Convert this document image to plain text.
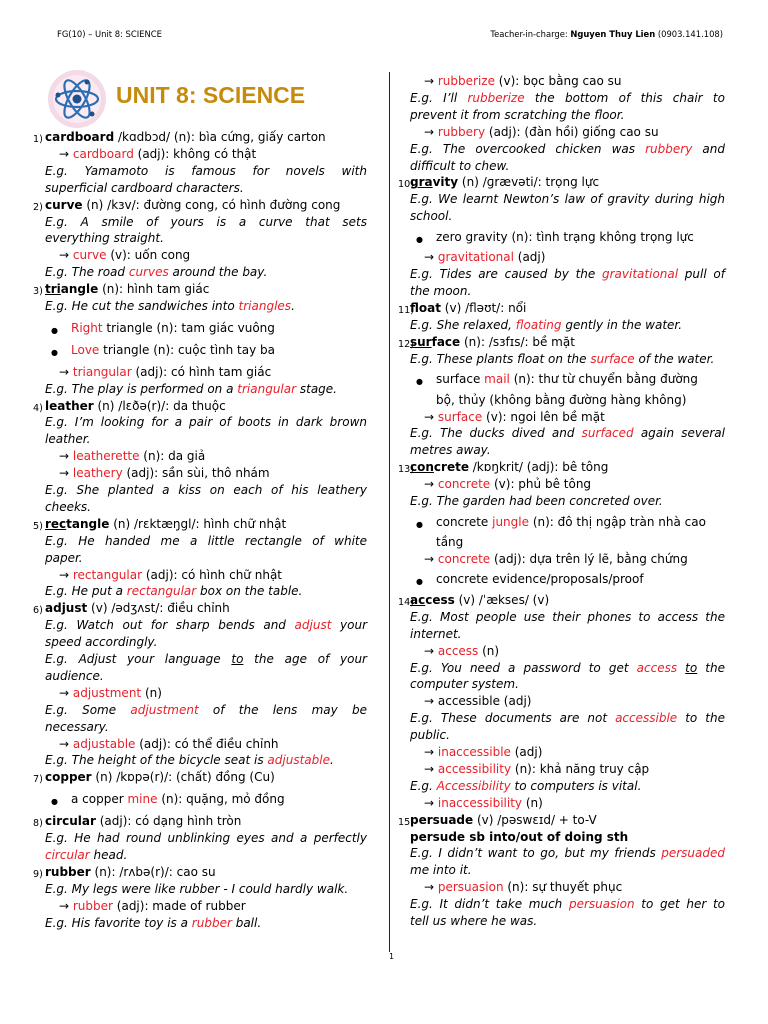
FG(10) – Unit 8: SCIENCE	Teacher-in-charge: Nguyen Thuy Lien (0903.141.108)
UNIT 8: SCIENCE
1) cardboard /kɑdbɔd/ (n): bìa cứng, giấy carton
→ cardboard (adj): không có thật
E.g. Yamamoto is famous for novels with
superficial cardboard characters.
2) curve (n) /kɜv/: đường cong, có hình đường cong
E.g. A smile of yours is a curve that sets
everything straight.
→ curve (v): uốn cong
E.g. The road curves around the bay.
3) triangle (n): hình tam giác
E.g. He cut the sandwiches into triangles.
● Right triangle (n): tam giác vuông
● Love triangle (n): cuộc tình tay ba
→ triangular (adj): có hình tam giác
E.g. The play is performed on a triangular stage.
4) leather (n) /lɛðə(r)/: da thuộc
E.g. I’m looking for a pair of boots in dark brown
leather.
→ leatherette (n): da giả
→ leathery (adj): sần sùi, thô nhám
E.g. She planted a kiss on each of his leathery
cheeks.
5) rectangle (n) /rɛktæŋgl/: hình chữ nhật
E.g. He handed me a little rectangle of white
paper.
→ rectangular (adj): có hình chữ nhật
E.g. He put a rectangular box on the table.
6) adjust (v) /ədʒʌst/: điều chỉnh
E.g. Watch out for sharp bends and adjust your
speed accordingly.
E.g. Adjust your language to the age of your
audience.
→ adjustment (n)
E.g. Some adjustment of the lens may be
necessary.
→ adjustable (adj): có thể điều chỉnh
E.g. The height of the bicycle seat is adjustable.
7) copper (n) /kɒpə(r)/: (chất) đồng (Cu)
● a copper mine (n): quặng, mỏ đồng
8) circular (adj): có dạng hình tròn
E.g. He had round unblinking eyes and a perfectly
circular head.
9) rubber (n): /rʌbə(r)/: cao su
E.g. My legs were like rubber - I could hardly walk.
→ rubber (adj): made of rubber
E.g. His favorite toy is a rubber ball.
→ rubberize (v): bọc bằng cao su
E.g. I’ll rubberize the bottom of this chair to
prevent it from scratching the floor.
→ rubbery (adj): (đàn hồi) giống cao su
E.g. The overcooked chicken was rubbery and
difficult to chew.
10)
gravity (n) /ɡrævəti/: trọng lực
E.g. We learnt Newton’s law of gravity during high
school.
● zero gravity (n): tình trạng không trọng lực
→ gravitational (adj)
E.g. Tides are caused by the gravitational pull of
the moon.
11)
float (v) /fləʊt/: nổi
E.g. She relaxed, floating gently in the water.
12)
surface (n): /sɜfɪs/: bề mặt
E.g. These plants float on the surface of the water.
● surface mail (n): thư từ chuyển bằng đường
bộ, thủy (không bằng đường hàng không)
→ surface (v): ngoi lên bề mặt
E.g. The ducks dived and surfaced again several
metres away.
13)
concrete /kɒŋkrit/ (adj): bê tông
→ concrete (v): phủ bê tông
E.g. The garden had been concreted over.
● concrete jungle (n): đô thị ngập tràn nhà cao
tầng
→ concrete (adj): dựa trên lý lẽ, bằng chứng
● concrete evidence/proposals/proof
14)
access (v) /ˈækses/ (v)
E.g. Most people use their phones to access the
internet.
→ access (n)
E.g. You need a password to get access to the
computer system.
→ accessible (adj)
E.g. These documents are not accessible to the
public.
→ inaccessible (adj)
→ accessibility (n): khả năng truy cập
E.g. Accessibility to computers is vital.
→ inaccessibility (n)
15)
persuade (v) /pəswɛɪd/ + to-V
persude sb into/out of doing sth
E.g. I didn’t want to go, but my friends persuaded
me into it.
→ persuasion (n): sự thuyết phục
E.g. It didn’t take much persuasion to get her to
tell us where he was.
1
